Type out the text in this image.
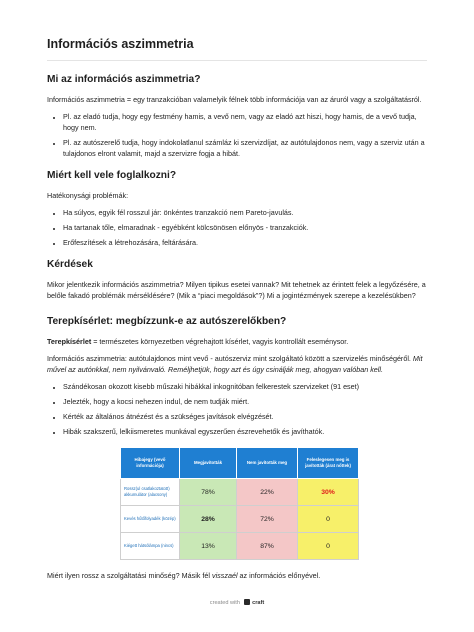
Információs aszimmetria
Mi az információs aszimmetria?

Információs aszimmetria = egy tranzakcióban valamelyik félnek több információja van az áruról vagy a szolgáltatásról.

• Pl. az eladó tudja, hogy egy festmény hamis, a vevő nem, vagy az eladó azt hiszi, hogy hamis, de a vevő tudja, hogy nem.
• Pl. az autószerelő tudja, hogy indokolatlanul számláz ki szervizdíjat, az autótulajdonos nem, vagy a szerviz után a tulajdonos elront valamit, majd a szervizre fogja a hibát.
Miért kell vele foglalkozni?

Hatékonysági problémák:

• Ha súlyos, egyik fél rosszul jár: önkéntes tranzakció nem Pareto-javulás.
• Ha tartanak tőle, elmaradnak - egyébként kölcsönösen előnyös - tranzakciók.
• Erőfeszítések a létrehozására, feltárására.
Kérdések

Mikor jelentkezik információs aszimmetria? Milyen tipikus esetei vannak? Mit tehetnek az érintett felek a legyőzésére, a belőle fakadó problémák mérséklésére? (Mik a “piaci megoldások”?) Mi a jogintézmények szerepe a kezelésükben?

Terepkísérlet: megbízzunk-e az autószerelőkben?

Terepkísérlet = természetes környezetben végrehajtott kísérlet, vagyis kontrollált eseménysor.

Információs aszimmetria: autótulajdonos mint vevő - autószerviz mint szolgáltató között a szervizelés minőségéről. Mit művel az autónkkal, nem nyilvánvaló. Reméljhetjük, hogy azt és úgy csinálják meg, ahogyan valóban kell.

• Szándékosan okozott kisebb műszaki hibákkal inkognitóban felkerestek szervizeket (91 eset)
• Jelezték, hogy a kocsi nehezen indul, de nem tudják miért.
• Kérték az általános átnézést és a szükséges javítások elvégzését.
• Hibák szakszerű, lelkiismeretes munkával egyszerűen észrevehetők és javíthatók.
Hibajegy (vevő információja)	Megjavították	Nem javították meg	Feleslegesen meg is javították (árat nőttek)
Rossz(ul csatlakoztatott) akkumulátor (alacsony)	78%	22%	30%
Kevés hűtőfolyadék (közép)	28%	72%	0
Kiégett hátsólámpa (nincs)	13%	87%	0

Miért ilyen rossz a szolgáltatási minőség? Másik fél visszaél az információs előnyével.

created with craft
